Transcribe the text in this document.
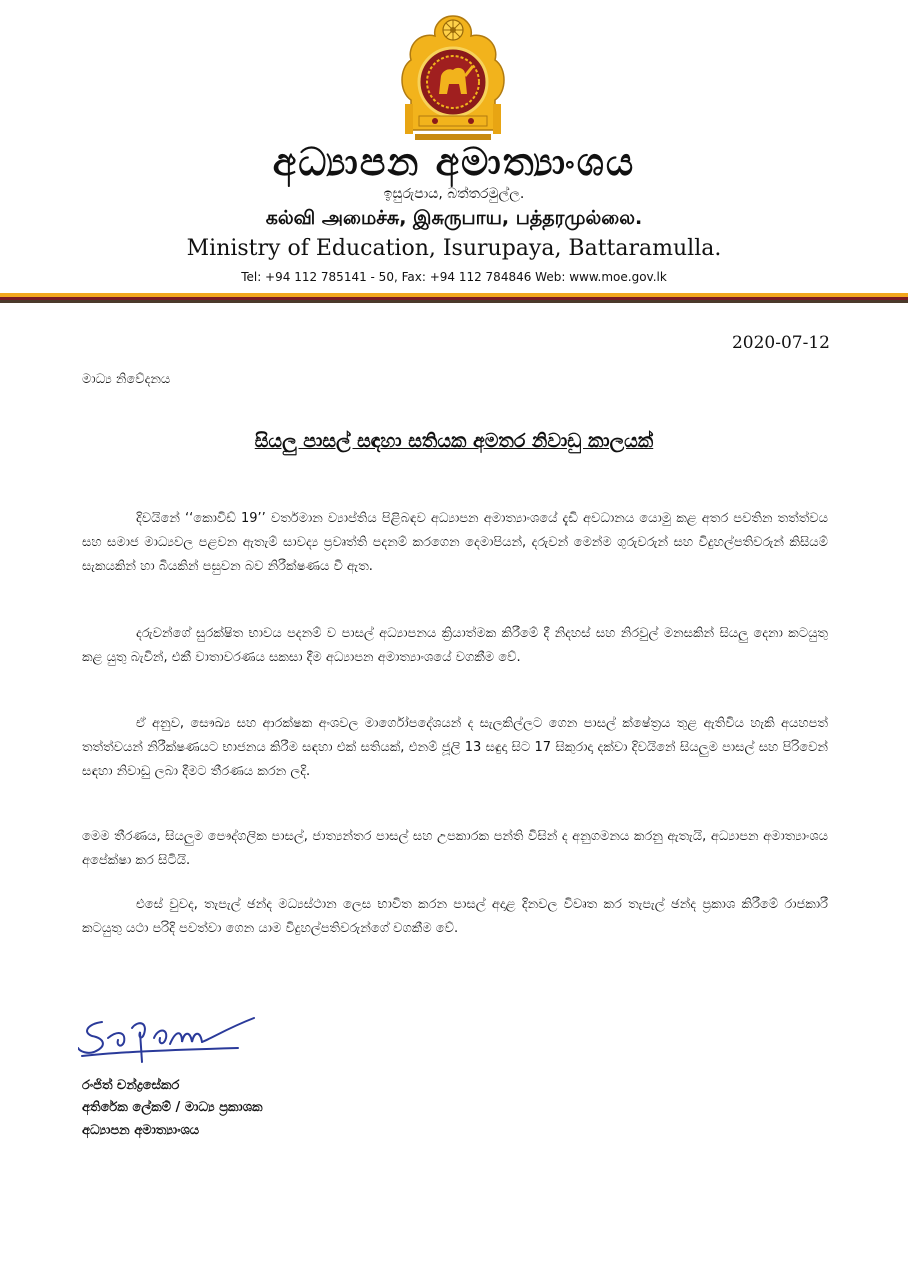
අධ්‍යාපන අමාත්‍යාංශය
ඉසුරුපාය, බත්තරමුල්ල.
கல்வி அமைச்சு, இசுருபாய, பத்தரமுல்லை.
Ministry of Education, Isurupaya, Battaramulla.
Tel: +94 112 785141 - 50, Fax: +94 112 784846 Web: www.moe.gov.lk
2020-07-12
මාධ්‍ය නිවේදනය
සියලු පාසල් සඳහා සතියක අමතර නිවාඩු කාලයක්

දිවයිනේ ‘‘කොවිඩ් 19’’ වර්තමාන ව්‍යාප්තිය පිළිබඳව අධ්‍යාපන අමාත්‍යාංශයේ දැඩි අවධානය යොමු කළ අතර පවතින තත්ත්වය සහ සමාජ මාධ්‍යවල පළවන ඇතැම් සාවද්‍ය ප්‍රවෘත්ති පදනම් කරගෙන දෙමාපියන්, දරුවන් මෙන්ම ගුරුවරුන් සහ විදුහල්පතිවරුන් කිසියම් සැකයකින් හා බියකින් පසුවන බව නිරීක්ෂණය වී ඇත.

දරුවන්ගේ සුරක්ෂිත භාවය පදනම් ව පාසල් අධ්‍යාපනය ක්‍රියාත්මක කිරීමේ දී නිදහස් සහ නිරවුල් මනසකින් සියලු දෙනා කටයුතු කළ යුතු බැවින්, එකී වාතාවරණය සකසා දීම අධ්‍යාපන අමාත්‍යාංශයේ වගකීම වේ.

ඒ අනුව, සෞඛ්‍ය සහ ආරක්ෂක අංශවල මාර්ගෝපදේශයන් ද සැලකිල්ලට ගෙන පාසල් ක්ෂේත්‍රය තුළ ඇතිවිය හැකි අයහපත් තත්ත්වයන් නිරීක්ෂණයට භාජනය කිරීම සඳහා එක් සතියක්, එනම් ජූලි 13 සඳුදා සිට 17 සිකුරාදා දක්වා දිවයිනේ සියලුම පාසල් සහ පිරිවෙන් සඳහා නිවාඩු ලබා දීමට තීරණය කරන ලදි.

මෙම තීරණය, සියලුම පෞද්ගලික පාසල්, ජාත්‍යන්තර පාසල් සහ උපකාරක පන්ති විසින් ද අනුගමනය කරනු ඇතැයි, අධ්‍යාපන අමාත්‍යාංශය අපේක්ෂා කර සිටියි.

එසේ වුවද, තැපැල් ඡන්ද මධ්‍යස්ථාන ලෙස භාවිත කරන පාසල් අදාළ දිනවල විවෘත කර තැපැල් ඡන්ද ප්‍රකාශ කිරීමේ රාජකාරී කටයුතු යථා පරිදි පවත්වා ගෙන යාම විදුහල්පතිවරුන්ගේ වගකීම වේ.

රංජිත් චන්ද්‍රසේකර
අතිරේක ලේකම් / මාධ්‍ය ප්‍රකාශක
අධ්‍යාපන අමාත්‍යාංශය
